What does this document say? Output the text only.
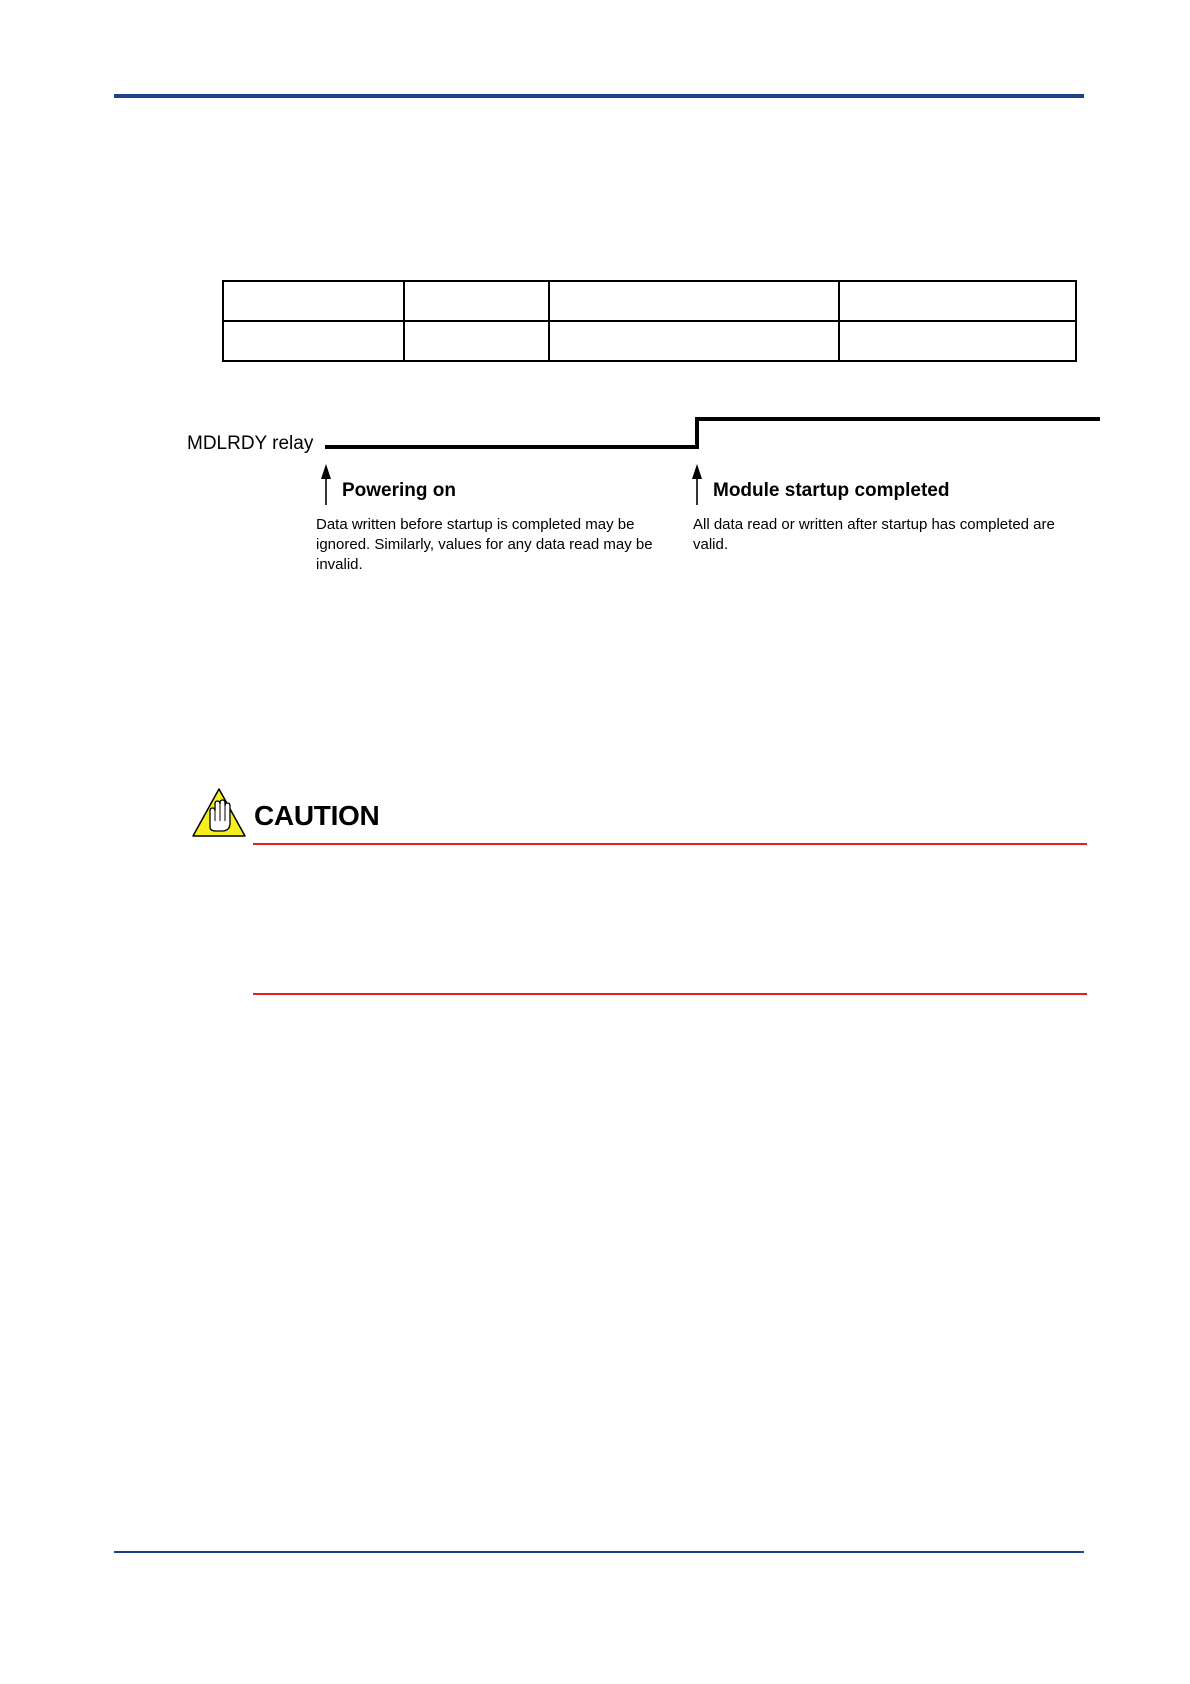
MDLRDY relay
Powering on
Data written before startup is completed may be ignored. Similarly, values for any data read may be invalid.
Module startup completed
All data read or written after startup has completed are valid.
CAUTION
